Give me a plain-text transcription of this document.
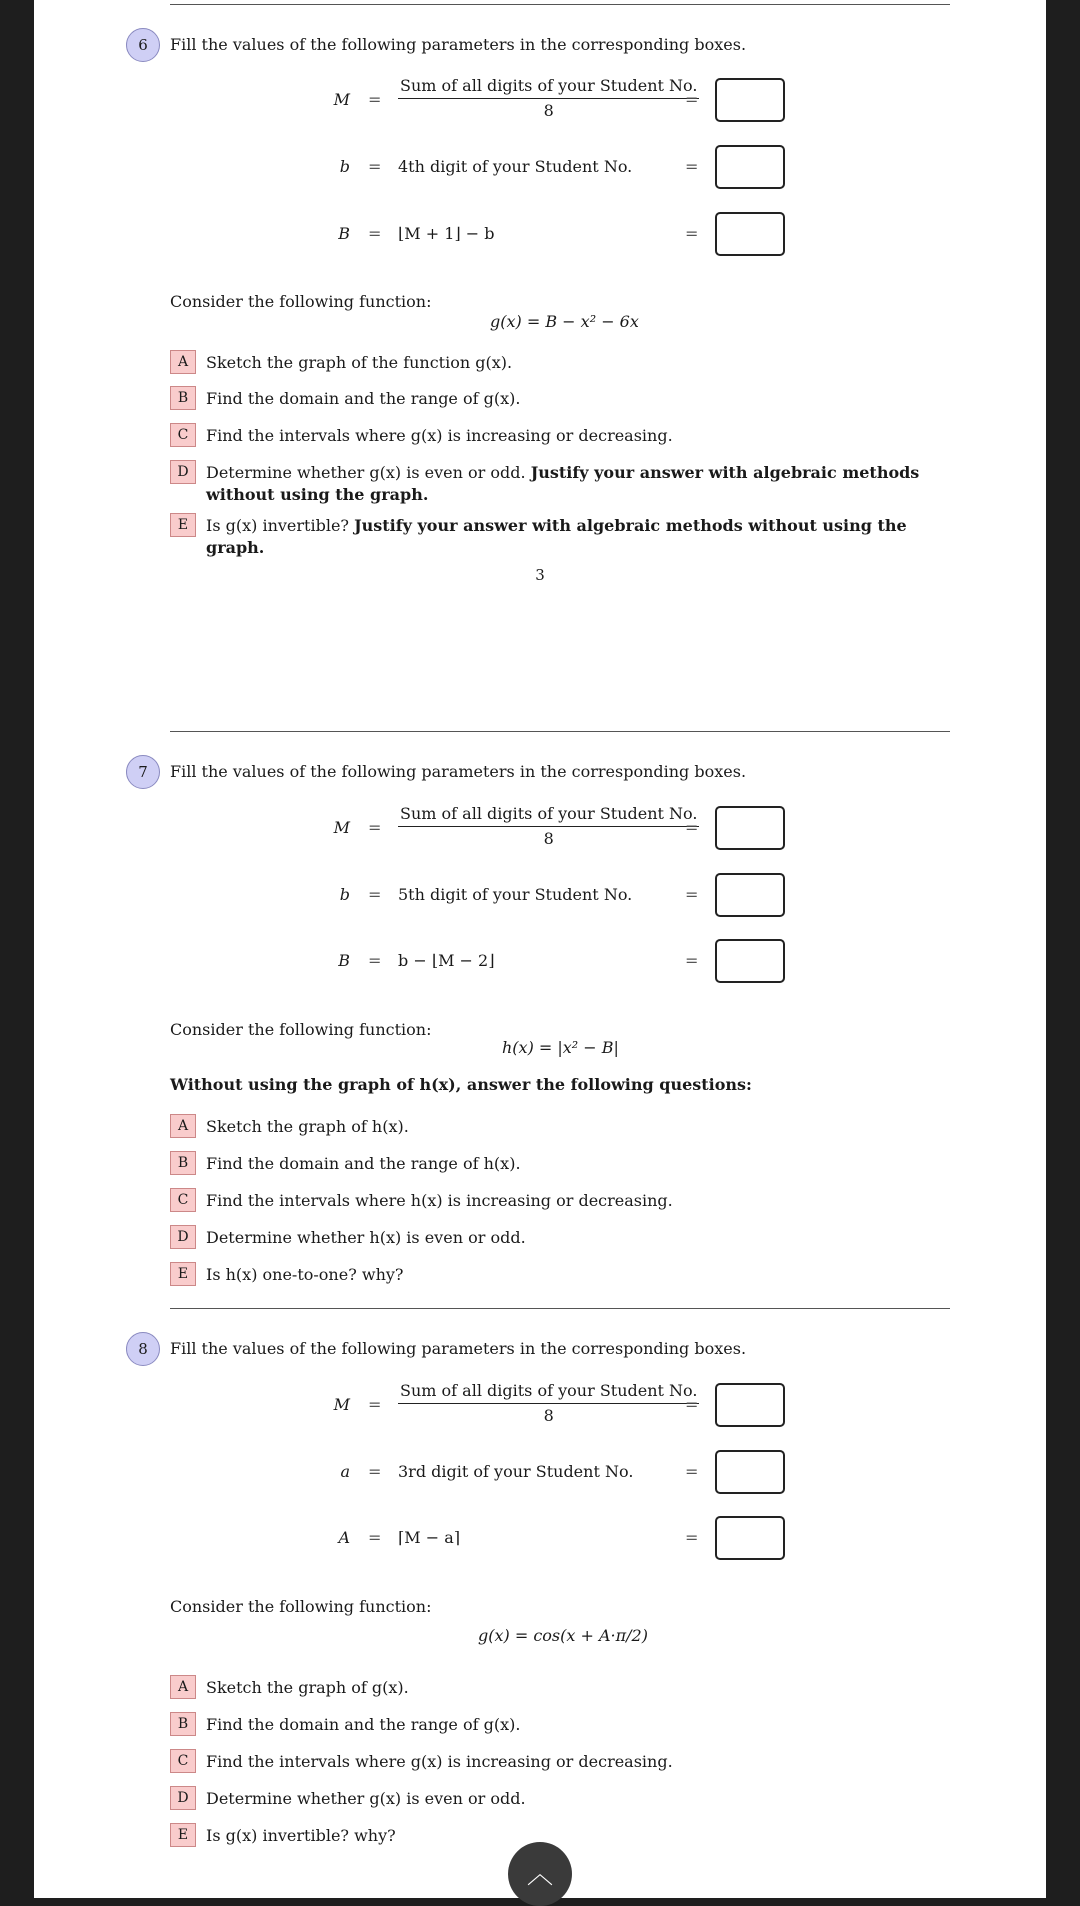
6	Fill the values of the following parameters in the corresponding boxes.
$M = \frac{\text{Sum of all digits of your Student No.}}{8}$
=
b = 4th digit of your Student No.	=
B = ⌊M + 1⌋ − b	=
Consider the following function:
g(x) = B − x² − 6x
A	Sketch the graph of the function g(x).
B	Find the domain and the range of g(x).
C	Find the intervals where g(x) is increasing or decreasing.
D	Determine whether g(x) is even or odd. Justify your answer with algebraic methods without using the graph.
E	Is g(x) invertible? Justify your answer with algebraic methods without using the graph.
3
7	Fill the values of the following parameters in the corresponding boxes.
$M = \frac{\text{Sum of all digits of your Student No.}}{8}$
=
b = 5th digit of your Student No.	=
B = b − ⌊M − 2⌋	=
Consider the following function:
h(x) = |x² − B|
Without using the graph of h(x), answer the following questions:
A	Sketch the graph of h(x).
B	Find the domain and the range of h(x).
C	Find the intervals where h(x) is increasing or decreasing.
D	Determine whether h(x) is even or odd.
E	Is h(x) one-to-one? why?
8	Fill the values of the following parameters in the corresponding boxes.
$M = \frac{\text{Sum of all digits of your Student No.}}{8}$
=
a = 3rd digit of your Student No.	=
A = ⌈M − a⌉	=
Consider the following function:
g(x) = cos(x + A·π/2)
A	Sketch the graph of g(x).
B	Find the domain and the range of g(x).
C	Find the intervals where g(x) is increasing or decreasing.
D	Determine whether g(x) is even or odd.
E	Is g(x) invertible? why?
︿
